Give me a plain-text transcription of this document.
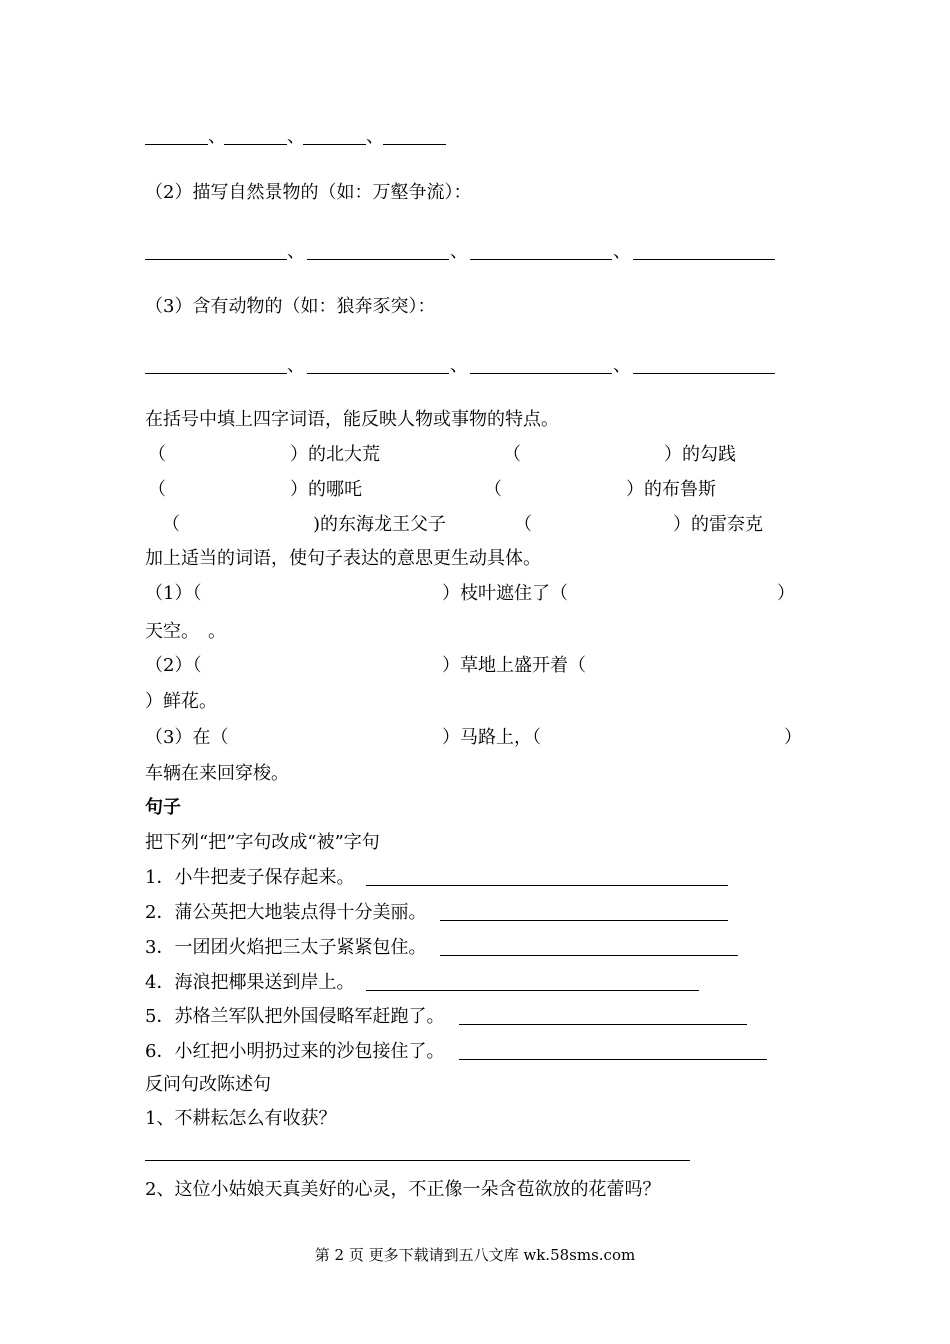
、	、	、
（2）描写自然景物的（如：万壑争流）：
、	、	、
（3）含有动物的（如：狼奔豕突）：
、	、	、
在括号中填上四字词语，能反映人物或事物的特点。
（	）的北大荒	（	）的勾践
（	）的哪吒	（	）的布鲁斯
（	)的东海龙王父子	（	）的雷奈克
加上适当的词语，使句子表达的意思更生动具体。
（1）（	）枝叶遮住了（	）
天空。　。
（2）（	）草地上盛开着（
）鲜花。
（3）在（	）马路上，（	）
车辆在来回穿梭。
句子
把下列“把”字句改成“被”字句
1．小牛把麦子保存起来。
2．蒲公英把大地装点得十分美丽。
3．一团团火焰把三太子紧紧包住。
4．海浪把椰果送到岸上。
5．苏格兰军队把外国侵略军赶跑了。
6．小红把小明扔过来的沙包接住了。
反问句改陈述句
1、不耕耘怎么有收获？
2、这位小姑娘天真美好的心灵，不正像一朵含苞欲放的花蕾吗？
第 2 页 更多下载请到五八文库 wk.58sms.com
